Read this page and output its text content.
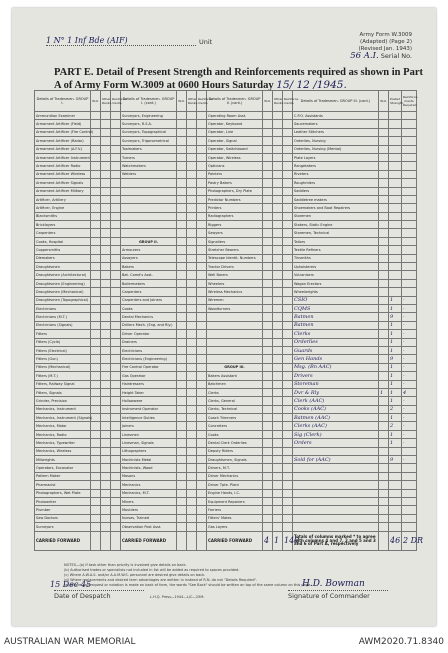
1 N° 1 Inf Bde (AIF)	Unit
Army Form W.3009
(Adapted) (Page 2)
(Revised Jan. 1943)
56 A.I. Serial No.
PART E. Detail of Present Strength and Reinforcements required as shown in Part A of Army Form W.3009 at 0600 Hours Saturday 15/ 12 /1945.
Details of Tradesmen. GROUP I.	W.O.	Other Ranks.	Reinforce- ments.	Details of Tradesmen. GROUP I. (cont.)	W.O.	Other Ranks.	Reinforce- ments.	Details of Tradesmen. GROUP II. (cont.)	W.O.	Other Ranks.	Reinforce- ments.	Details of Tradesmen. GROUP III. (cont.)	W.O.	Posted Strength.	Reinforce- ments Required.
Ammunition Examiner				Surveyors, Engineering				Operating Room Asst.				C.P.O. Assistants			
Armament Artificer (Field)				Surveyors, R.S.A.				Operator, Keyboard				Saucemakers			
Armament Artificer (Fire Control)				Surveyors, Topographical				Operator, Line				Leather Stitchers			
Armament Artificer (Radar)				Surveyors, Trigonometrical				Operator, Signal				Orderlies, Nursing			
Armament Artificer (A.F.V.)				Toolmakers				Operator, Switchboard				Orderlies, Nursing (Mental)			
Armament Artificer Instrument				Turners				Operator, Wireless				Plate Layers			
Armament Artificer Radio				Watchmakers				Opticians				Rangetakers			
Armament Artificer Wireless				Welders				Painters				Riveters			
Armament Artificer Signals								Pastry Bakers				Roughriders			
Armament Artificer Military								Photographers, Dry Plate				Saddlers			
Artificer, Artillery								Predictor Numbers				Saddletree makers			
Artificer, Engine								Printers				Shoemakers and Boot Repairers			
Blacksmiths								Radiographers				Storemen			
Bricklayers								Riggers				Stokers, Static Engine			
Carpenters								Sawyers				Storemen, Technical			
Cooks, Hospital				GROUP II.				Signallers				Tailors			
Coppersmiths				Armourers				Stretcher Bearers				Textile Refiners			
Diemakers				Assayers				Telescope Identit. Numbers				Tinsmiths			
Draughtsmen				Bakers				Tractor Drivers				Upholsterers			
Draughtsmen (Architectural)				Bat. Comd's Asst.				Well Borers				Vulcanisers			
Draughtsmen (Engineering)				Boilermakers				Wheelers				Wagon Erectors			
Draughtsmen (Mechanical)				Carpenters				Wireless Mechanics				Wheelwrights			
Draughtsmen (Topographical)				Carpenters and Joiners				Wiremen				CSIO		1	-
Electricians				Cooks				Woodturners				CQMS		1	-
Electricians (M.T.)				Dental Mechanics								Batmen		9	-
Electricians (Signals)				Drillers Mech. (Eng. and Rly.)								Batmen		1	-
Fitters				Driver Operator								Clerks		1	-
Fitters (Cycle)				Drainers								Orderlies		1	-
Fitters (Electrical)				Electricians								Guards		1	-
Fitters (Gun)				Electricians (Engineering)								Gen Hands		9	-
Fitters (Mechanical)				Fire Control Operator				GROUP III.				Msg. (Bn AAC)		1	-
Fitters (M.T.)				Gas Operator				Bakers Assistant				Drivers		1	-
Fitters, Railway Signal				Hairdressers				Batchmen				Storeman		1	-
Fitters, Signals				Height Taker				Clerks				Dvr & Rly	1	1	4
Grinder, Precision				Hollowware				Clerks, General				Clerk (AAC)		1	-
Mechanics, Instrument				Instrument Operator				Clerks, Technical				Cooks (AAC)		2	-
Mechanics, Instrument (Signals)				Intelligence Duties				Coach Trimmers				Batmen (AAC)		1	-
Mechanics, Motor				Joiners				Concreters				Clerks (AAC)		2	-
Mechanics, Radio				Linesmen				Cooks				Sig (Clerk)		1	-
Mechanics, Typewriter				Linesman, Signals				Dental Clerk Orderlies				Orders		1	-
Mechanics, Wireless				Lithographers				Deputy Riders							
Millwrights				Machinists Metal				Draughtsmen, Signals				Sold for (AAC)		9	-
Operators, Excavator				Machinists, Wood				Drivers, M.T.							
Pattern Maker				Masons				Driver Mechanics							
Pharmacist				Mechanics				Driver Tpte. Plant							
Photographers, Wet Plate				Mechanics, M.T.				Engine Hands, I.C.							
Photowriter				Miners				Equipment Repairers							
Plumber				Moulders				Farriers							
Saw Doctors				Nurses, Trained				Fitters' Mates							
Surveyors				Observation Post Asst.				Gas Layers							
CARRIED FORWARD				CARRIED FORWARD				CARRIED FORWARD	4	1	148	Totals of columns marked * to agree with columns 4 and 7, 2 and 5 and 3 and 6 of Part A, respectively		46	2 DR
NOTES—(a) If task other than priority is involved give details on back.
(b) Authorised trades or specialists not included in list will be added as required to spaces provided.
(c) Where A.W.A.S. and/or A.A.M.W.S. personnel are desired give details on back.
(d) Where replacements and desired term advantages are written in instead of R.N. do not "Details Required".
(e) Where any request or notation is made on back of form, the words "See Back" should be written on top of the same column on this page.
15 Dec 45
Date of Despatch	L.H.Q. Press—1944—L/C—25M.
H.D. Bowman
Signature of Commander
AUSTRALIAN WAR MEMORIAL	AWM2020.71.8340
